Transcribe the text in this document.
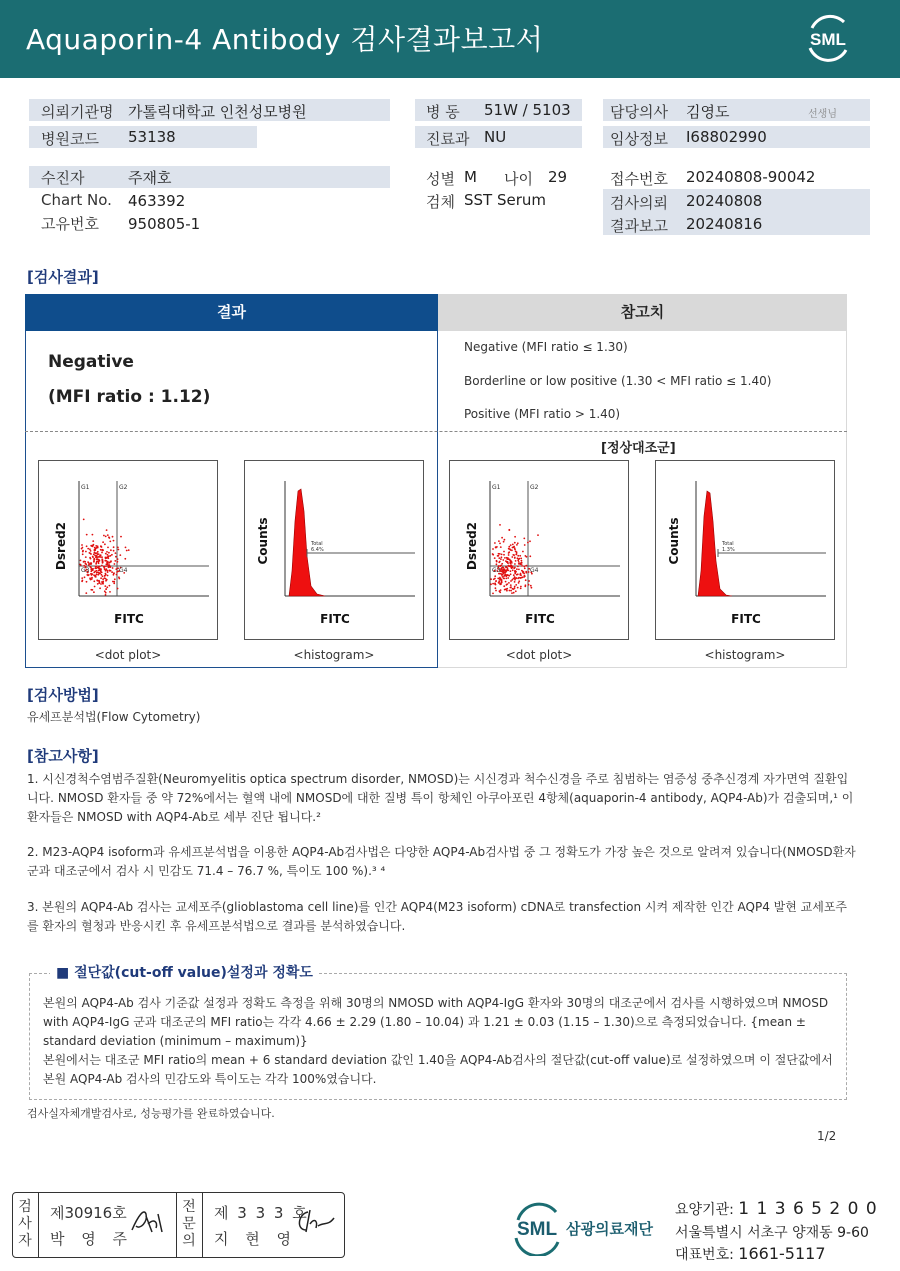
Aquaporin-4 Antibody 검사결과보고서	SML
의뢰기관명 가톨릭대학교 인천성모병원
병원코드 53138
병 동 51W / 5103
진료과 NU
담당의사 김영도	선생님
임상정보 I68802990
수진자	주재호
Chart No. 463392
고유번호 950805-1
성별 M 나이 29
검체 SST Serum
접수번호 20240808-90042
검사의뢰 20240808
결과보고 20240816
[검사결과]
결과	참고치
Negative
(MFI ratio : 1.12)
Negative (MFI ratio ≤ 1.30)
Borderline or low positive (1.30 < MFI ratio ≤ 1.40)
Positive (MFI ratio > 1.40)
[정상대조군]
G1	G2
G3	G4
Dsred2
FITC
<dot plot>
Total
6.4%
Counts
FITC
<histogram>
G1	G2
G3	G4
Dsred2
FITC
<dot plot>
Total
1.3%
Counts
FITC
<histogram>
[검사방법]
유세프분석법(Flow Cytometry)
[참고사항]
1. 시신경척수염범주질환(Neuromyelitis optica spectrum disorder, NMOSD)는 시신경과 척수신경을 주로 침범하는 염증성 중추신경계 자가면역 질환입니다. NMOSD 환자들 중 약 72%에서는 혈액 내에 NMOSD에 대한 질병 특이 항체인 아쿠아포린 4항체(aquaporin-4 antibody, AQP4-Ab)가 검출되며,¹ 이 환자들은 NMOSD with AQP4-Ab로 세부 진단 됩니다.²
2. M23-AQP4 isoform과 유세프분석법을 이용한 AQP4-Ab검사법은 다양한 AQP4-Ab검사법 중 그 정확도가 가장 높은 것으로 알려져 있습니다(NMOSD환자군과 대조군에서 검사 시 민감도 71.4 – 76.7 %, 특이도 100 %).³ ⁴
3. 본원의 AQP4-Ab 검사는 교세포주(glioblastoma cell line)를 인간 AQP4(M23 isoform) cDNA로 transfection 시켜 제작한 인간 AQP4 발현 교세포주를 환자의 혈청과 반응시킨 후 유세프분석법으로 결과를 분석하였습니다.
■ 절단값(cut-off value)설정과 정확도
본원의 AQP4-Ab 검사 기준값 설정과 정확도 측정을 위해 30명의 NMOSD with AQP4-IgG 환자와 30명의 대조군에서 검사를 시행하였으며 NMOSD with AQP4-IgG 군과 대조군의 MFI ratio는 각각 4.66 ± 2.29 (1.80 – 10.04) 과 1.21 ± 0.03 (1.15 – 1.30)으로 측정되었습니다. {mean ± standard deviation (minimum – maximum)}
본원에서는 대조군 MFI ratio의 mean + 6 standard deviation 값인 1.40을 AQP4-Ab검사의 절단값(cut-off value)로 설정하였으며 이 절단값에서 본원 AQP4-Ab 검사의 민감도와 특이도는 각각 100%였습니다.
검사실자체개발검사로, 성능평가를 완료하였습니다.
1/2
검
사
자
제30916호
박 영 주
전
문
의
제 3 3 3 호
지 현 영	SML 삼광의료재단
요양기관: 1 1 3 6 5 2 0 0
서울특별시 서초구 양재동 9-60
대표번호: 1661-5117
